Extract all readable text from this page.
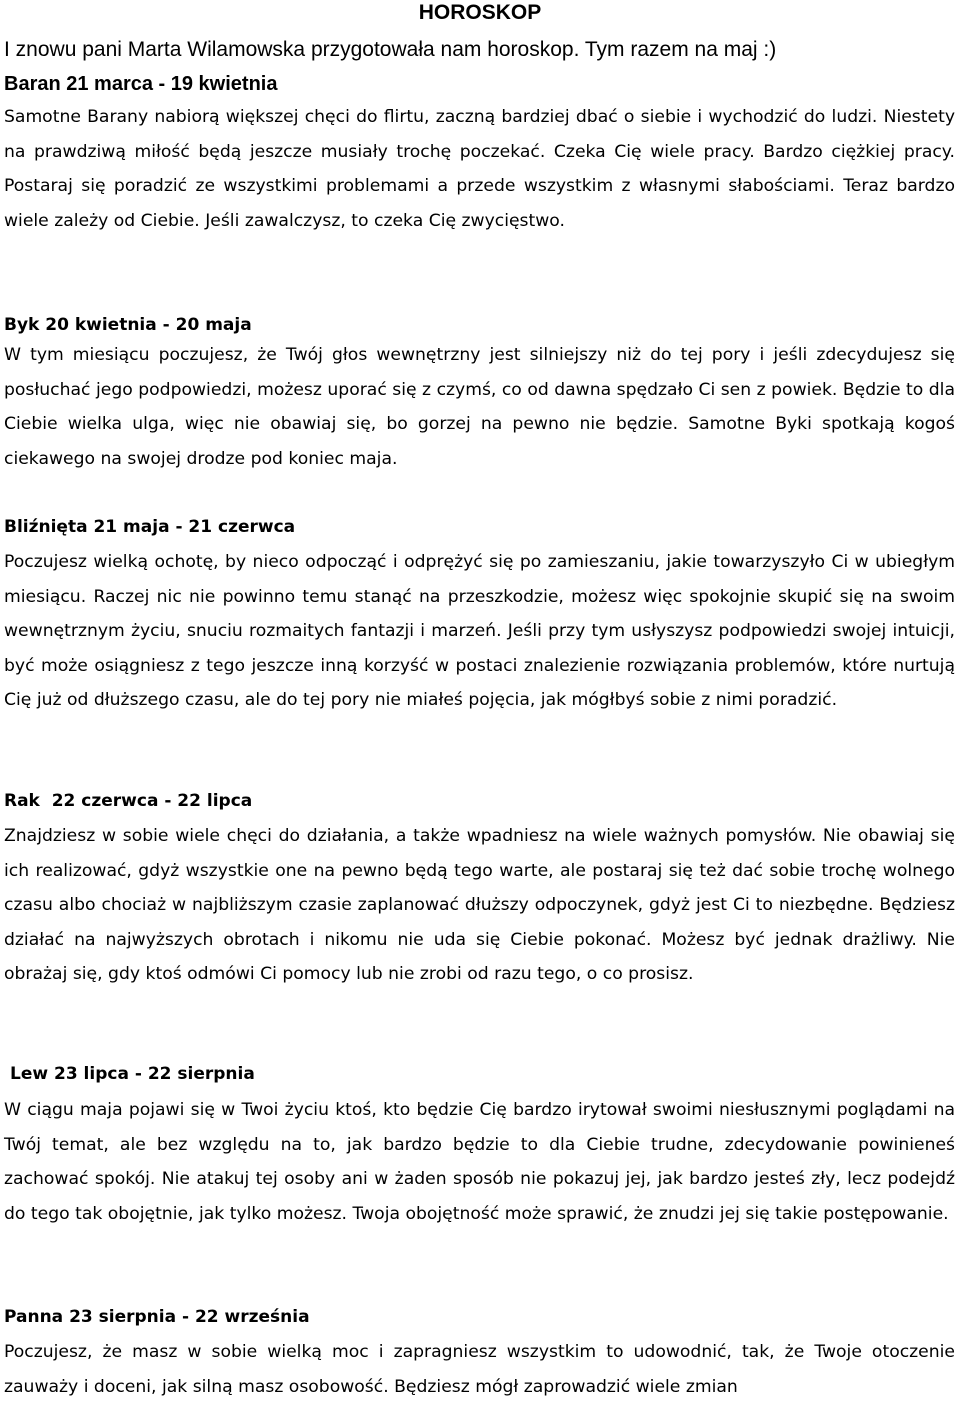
HOROSKOP

I znowu pani Marta Wilamowska przygotowała nam horoskop. Tym razem na maj :)

Baran 21 marca - 19 kwietnia

Samotne Barany nabiorą większej chęci do flirtu, zaczną bardziej dbać o siebie i wychodzić do ludzi. Niestety na prawdziwą miłość będą jeszcze musiały trochę poczekać. Czeka Cię wiele pracy. Bardzo ciężkiej pracy. Postaraj się poradzić ze wszystkimi problemami a przede wszystkim z własnymi słabościami. Teraz bardzo wiele zależy od Ciebie. Jeśli zawalczysz, to czeka Cię zwycięstwo.

Byk 20 kwietnia - 20 maja

W tym miesiącu poczujesz, że Twój głos wewnętrzny jest silniejszy niż do tej pory i jeśli zdecydujesz się posłuchać jego podpowiedzi, możesz uporać się z czymś, co od dawna spędzało Ci sen z powiek. Będzie to dla Ciebie wielka ulga, więc nie obawiaj się, bo gorzej na pewno nie będzie. Samotne Byki spotkają kogoś ciekawego na swojej drodze pod koniec maja.

Bliźnięta 21 maja - 21 czerwca

Poczujesz wielką ochotę, by nieco odpocząć i odprężyć się po zamieszaniu, jakie towarzyszyło Ci w ubiegłym miesiącu. Raczej nic nie powinno temu stanąć na przeszkodzie, możesz więc spokojnie skupić się na swoim wewnętrznym życiu, snuciu rozmaitych fantazji i marzeń. Jeśli przy tym usłyszysz podpowiedzi swojej intuicji, być może osiągniesz z tego jeszcze inną korzyść w postaci znalezienie rozwiązania problemów, które nurtują Cię już od dłuższego czasu, ale do tej pory nie miałeś pojęcia, jak mógłbyś sobie z nimi poradzić.

Rak  22 czerwca - 22 lipca

Znajdziesz w sobie wiele chęci do działania, a także wpadniesz na wiele ważnych pomysłów. Nie obawiaj się ich realizować, gdyż wszystkie one na pewno będą tego warte, ale postaraj się też dać sobie trochę wolnego czasu albo chociaż w najbliższym czasie zaplanować dłuższy odpoczynek, gdyż jest Ci to niezbędne. Będziesz działać na najwyższych obrotach i nikomu nie uda się Ciebie pokonać. Możesz być jednak drażliwy. Nie obrażaj się, gdy ktoś odmówi Ci pomocy lub nie zrobi od razu tego, o co prosisz.

Lew 23 lipca - 22 sierpnia

W ciągu maja pojawi się w Twoi życiu ktoś, kto będzie Cię bardzo irytował swoimi niesłusznymi poglądami na Twój temat, ale bez względu na to, jak bardzo będzie to dla Ciebie trudne, zdecydowanie powinieneś zachować spokój. Nie atakuj tej osoby ani w żaden sposób nie pokazuj jej, jak bardzo jesteś zły, lecz podejdź do tego tak obojętnie, jak tylko możesz. Twoja obojętność może sprawić, że znudzi jej się takie postępowanie.

Panna 23 sierpnia - 22 września

Poczujesz, że masz w sobie wielką moc i zapragniesz wszystkim to udowodnić, tak, że Twoje otoczenie zauważy i doceni, jak silną masz osobowość. Będziesz mógł zaprowadzić wiele zmian
